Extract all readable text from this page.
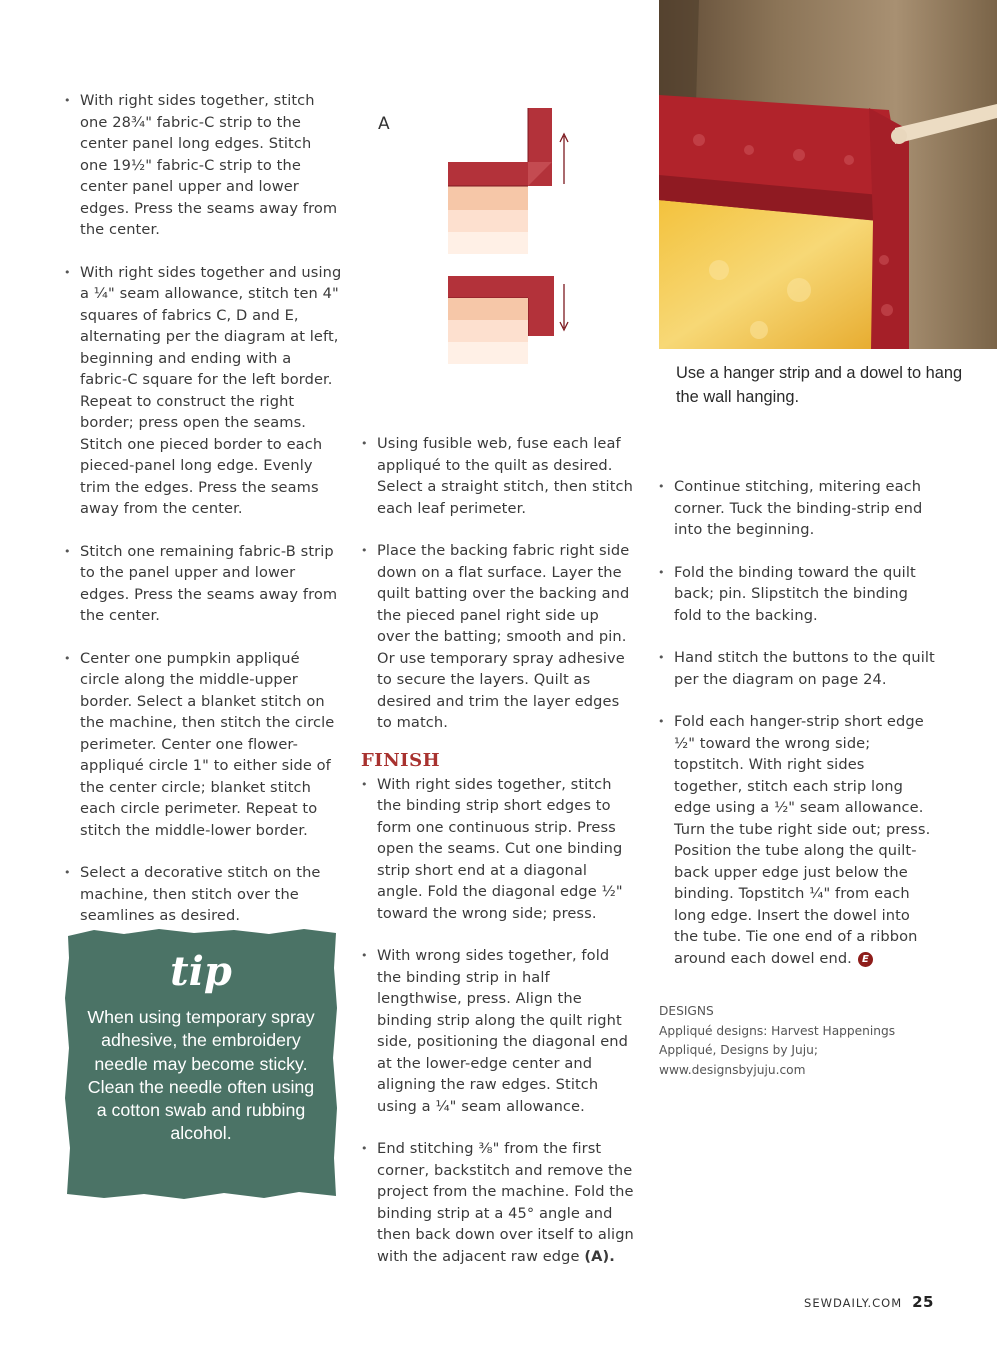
• With right sides together, stitch one 28¾" fabric-C strip to the center panel long edges. Stitch one 19½" fabric-C strip to the center panel upper and lower edges. Press the seams away from the center.
• With right sides together and using a ¼" seam allowance, stitch ten 4" squares of fabrics C, D and E, alternating per the diagram at left, beginning and ending with a fabric-C square for the left border. Repeat to construct the right border; press open the seams. Stitch one pieced border to each pieced-panel long edge. Evenly trim the edges. Press the seams away from the center.
• Stitch one remaining fabric-B strip to the panel upper and lower edges. Press the seams away from the center.
• Center one pumpkin appliqué circle along the middle-upper border. Select a blanket stitch on the machine, then stitch the circle perimeter. Center one flower-appliqué circle 1" to either side of the center circle; blanket stitch each circle perimeter. Repeat to stitch the middle-lower border.
• Select a decorative stitch on the machine, then stitch over the seamlines as desired.
tip
When using temporary spray adhesive, the embroidery needle may become sticky. Clean the needle often using a cotton swab and rubbing alcohol.
A
• Using fusible web, fuse each leaf appliqué to the quilt as desired. Select a straight stitch, then stitch each leaf perimeter.
• Place the backing fabric right side down on a flat surface. Layer the quilt batting over the backing and the pieced panel right side up over the batting; smooth and pin. Or use temporary spray adhesive to secure the layers. Quilt as desired and trim the layer edges to match.
FINISH
• With right sides together, stitch the binding strip short edges to form one continuous strip. Press open the seams. Cut one binding strip short end at a diagonal angle. Fold the diagonal edge ½" toward the wrong side; press.
• With wrong sides together, fold the binding strip in half lengthwise, press. Align the binding strip along the quilt right side, positioning the diagonal end at the lower-edge center and aligning the raw edges. Stitch using a ¼" seam allowance.
• End stitching ⅜" from the first corner, backstitch and remove the project from the machine. Fold the binding strip at a 45° angle and then back down over itself to align with the adjacent raw edge (A).
Use a hanger strip and a dowel to hang the wall hanging.
• Continue stitching, mitering each corner. Tuck the binding-strip end into the beginning.
• Fold the binding toward the quilt back; pin. Slipstitch the binding fold to the backing.
• Hand stitch the buttons to the quilt per the diagram on page 24.
• Fold each hanger-strip short edge ½" toward the wrong side; topstitch. With right sides together, stitch each strip long edge using a ½" seam allowance. Turn the tube right side out; press. Position the tube along the quilt-back upper edge just below the binding. Topstitch ¼" from each long edge. Insert the dowel into the tube. Tie one end of a ribbon around each dowel end. E
DESIGNS
Appliqué designs: Harvest Happenings
Appliqué, Designs by Juju;
www.designsbyjuju.com
SEWDAILY.COM 25
